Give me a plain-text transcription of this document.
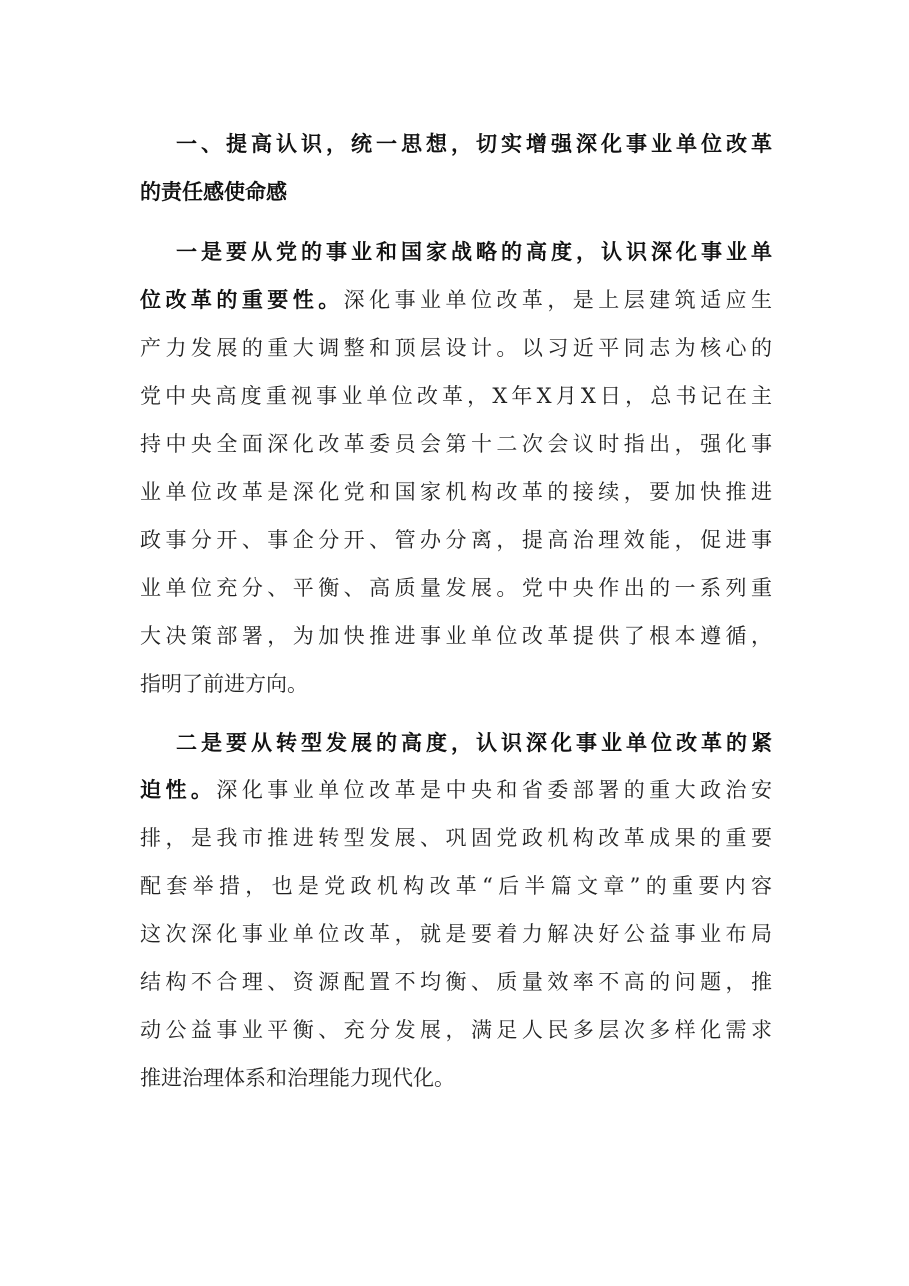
一、提高认识，统一思想，切实增强深化事业单位改革
的责任感使命感
一是要从党的事业和国家战略的高度，认识深化事业单
位改革的重要性。深化事业单位改革，是上层建筑适应生
产力发展的重大调整和顶层设计。以习近平同志为核心的
党中央高度重视事业单位改革，X年X月X日，总书记在主
持中央全面深化改革委员会第十二次会议时指出，强化事
业单位改革是深化党和国家机构改革的接续，要加快推进
政事分开、事企分开、管办分离，提高治理效能，促进事
业单位充分、平衡、高质量发展。党中央作出的一系列重
大决策部署，为加快推进事业单位改革提供了根本遵循，
指明了前进方向。
二是要从转型发展的高度，认识深化事业单位改革的紧
迫性。深化事业单位改革是中央和省委部署的重大政治安
排，是我市推进转型发展、巩固党政机构改革成果的重要
配套举措，也是党政机构改革“后半篇文章”的重要内容
这次深化事业单位改革，就是要着力解决好公益事业布局
结构不合理、资源配置不均衡、质量效率不高的问题，推
动公益事业平衡、充分发展，满足人民多层次多样化需求
推进治理体系和治理能力现代化。
